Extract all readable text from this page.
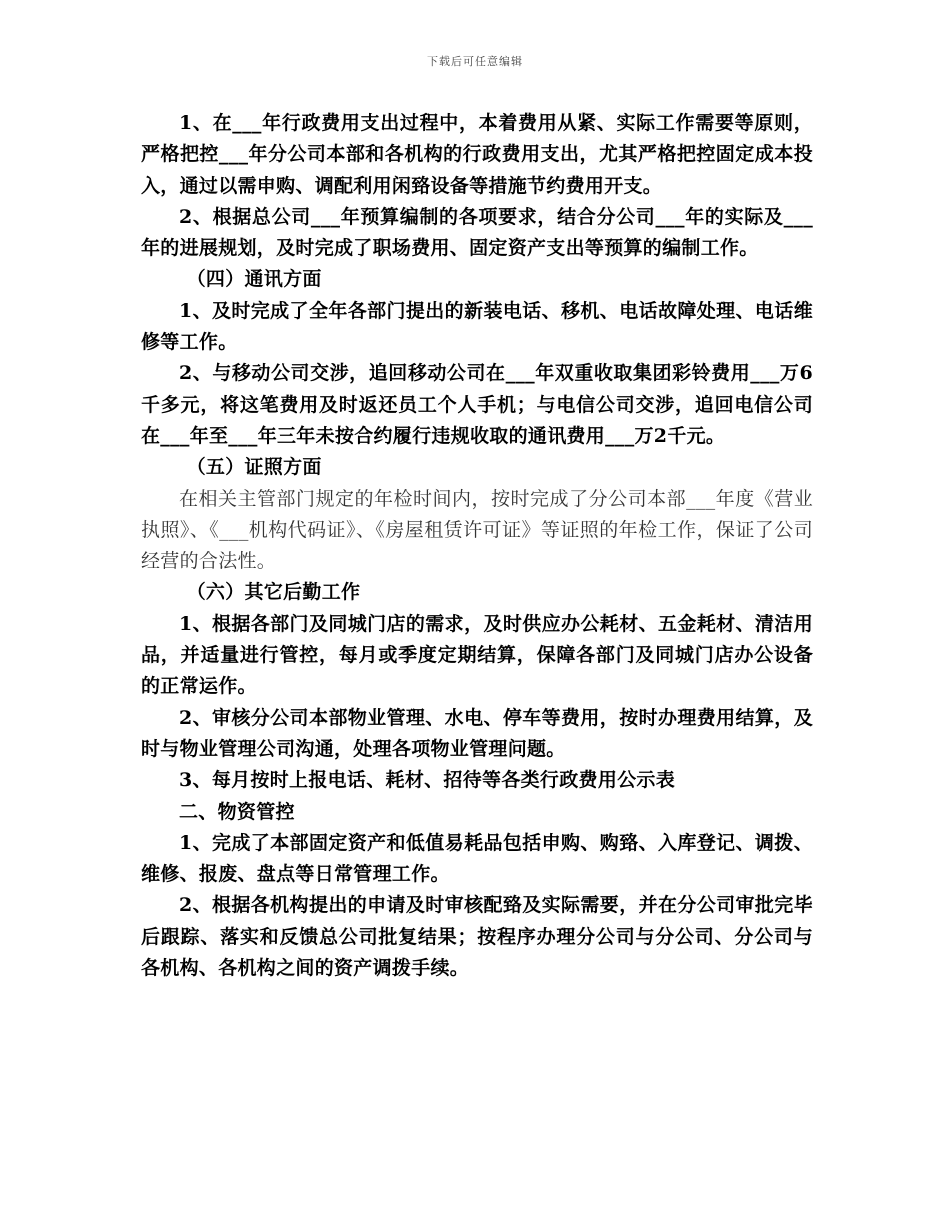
下载后可任意编辑

1、在___年行政费用支出过程中，本着费用从紧、实际工作需要等原则，严格把控___年分公司本部和各机构的行政费用支出，尤其严格把控固定成本投入，通过以需申购、调配利用闲臵设备等措施节约费用开支。

2、根据总公司___年预算编制的各项要求，结合分公司___年的实际及___年的进展规划，及时完成了职场费用、固定资产支出等预算的编制工作。

（四）通讯方面

1、及时完成了全年各部门提出的新装电话、移机、电话故障处理、电话维修等工作。

2、与移动公司交涉，追回移动公司在___年双重收取集团彩铃费用___万6千多元，将这笔费用及时返还员工个人手机；与电信公司交涉，追回电信公司在___年至___年三年未按合约履行违规收取的通讯费用___万2千元。

（五）证照方面

在相关主管部门规定的年检时间内，按时完成了分公司本部___年度《营业执照》、《___机构代码证》、《房屋租赁许可证》等证照的年检工作，保证了公司经营的合法性。

（六）其它后勤工作

1、根据各部门及同城门店的需求，及时供应办公耗材、五金耗材、清洁用品，并适量进行管控，每月或季度定期结算，保障各部门及同城门店办公设备的正常运作。

2、审核分公司本部物业管理、水电、停车等费用，按时办理费用结算，及时与物业管理公司沟通，处理各项物业管理问题。

3、每月按时上报电话、耗材、招待等各类行政费用公示表

二、物资管控

1、完成了本部固定资产和低值易耗品包括申购、购臵、入库登记、调拨、维修、报废、盘点等日常管理工作。

2、根据各机构提出的申请及时审核配臵及实际需要，并在分公司审批完毕后跟踪、落实和反馈总公司批复结果；按程序办理分公司与分公司、分公司与各机构、各机构之间的资产调拨手续。
